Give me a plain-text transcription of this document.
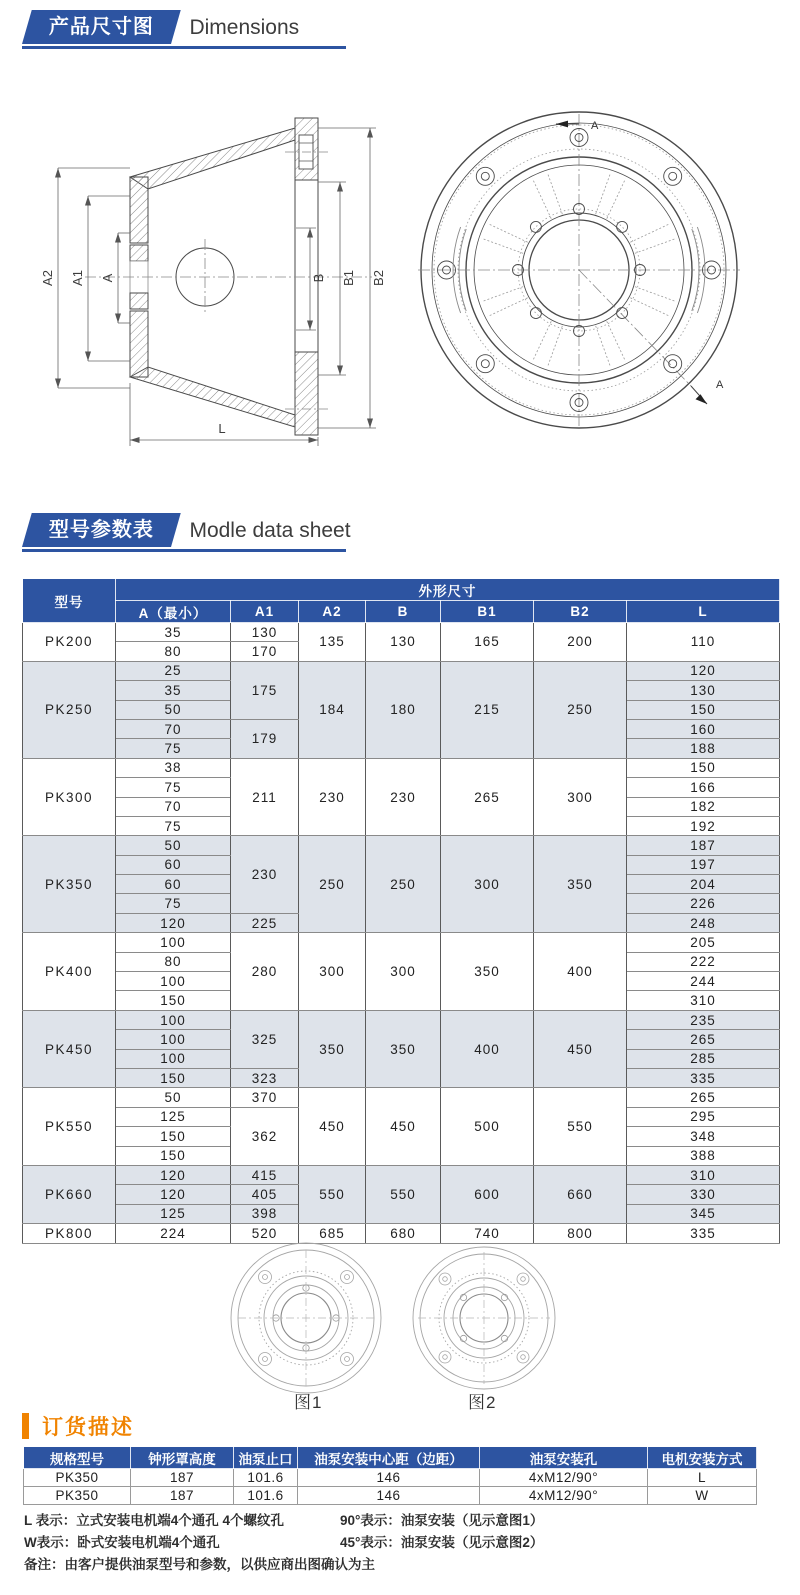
产品尺寸图 Dimensions
A2 A1 A	B B1 B2
L
A
A
型号参数表 Modle data sheet
型号	外形尺寸						
	A（最小）	A1	A2	B	B1	B2	L
PK200	35	130	135	130	165	200	110
	80	170					
PK250	25	175	184	180	215	250	120
	35						130
	50						150
	70	179					160
	75						188
PK300	38	211	230	230	265	300	150
	75						166
	70						182
	75						192
PK350	50	230	250	250	300	350	187
	60						197
	60						204
	75						226
	120	225					248
PK400	100	280	300	300	350	400	205
	80						222
	100						244
	150						310
PK450	100	325	350	350	400	450	235
	100						265
	100						285
	150	323					335
PK550	50	370	450	450	500	550	265
	125	362					295
	150						348
	150						388
PK660	120	415	550	550	600	660	310
	120	405					330
	125	398					345
PK800	224	520	685	680	740	800	335
图1	图2
订货描述
规格型号	钟形罩高度	油泵止口	油泵安装中心距（边距）	油泵安装孔	电机安装方式
PK350	187	101.6	146	4xM12/90°	L
PK350	187	101.6	146	4xM12/90°	W
L 表示：立式安装电机端4个通孔 4个螺纹孔	90°表示：油泵安装（见示意图1）
W表示：卧式安装电机端4个通孔	45°表示：油泵安装（见示意图2）
备注：由客户提供油泵型号和参数，以供应商出图确认为主
